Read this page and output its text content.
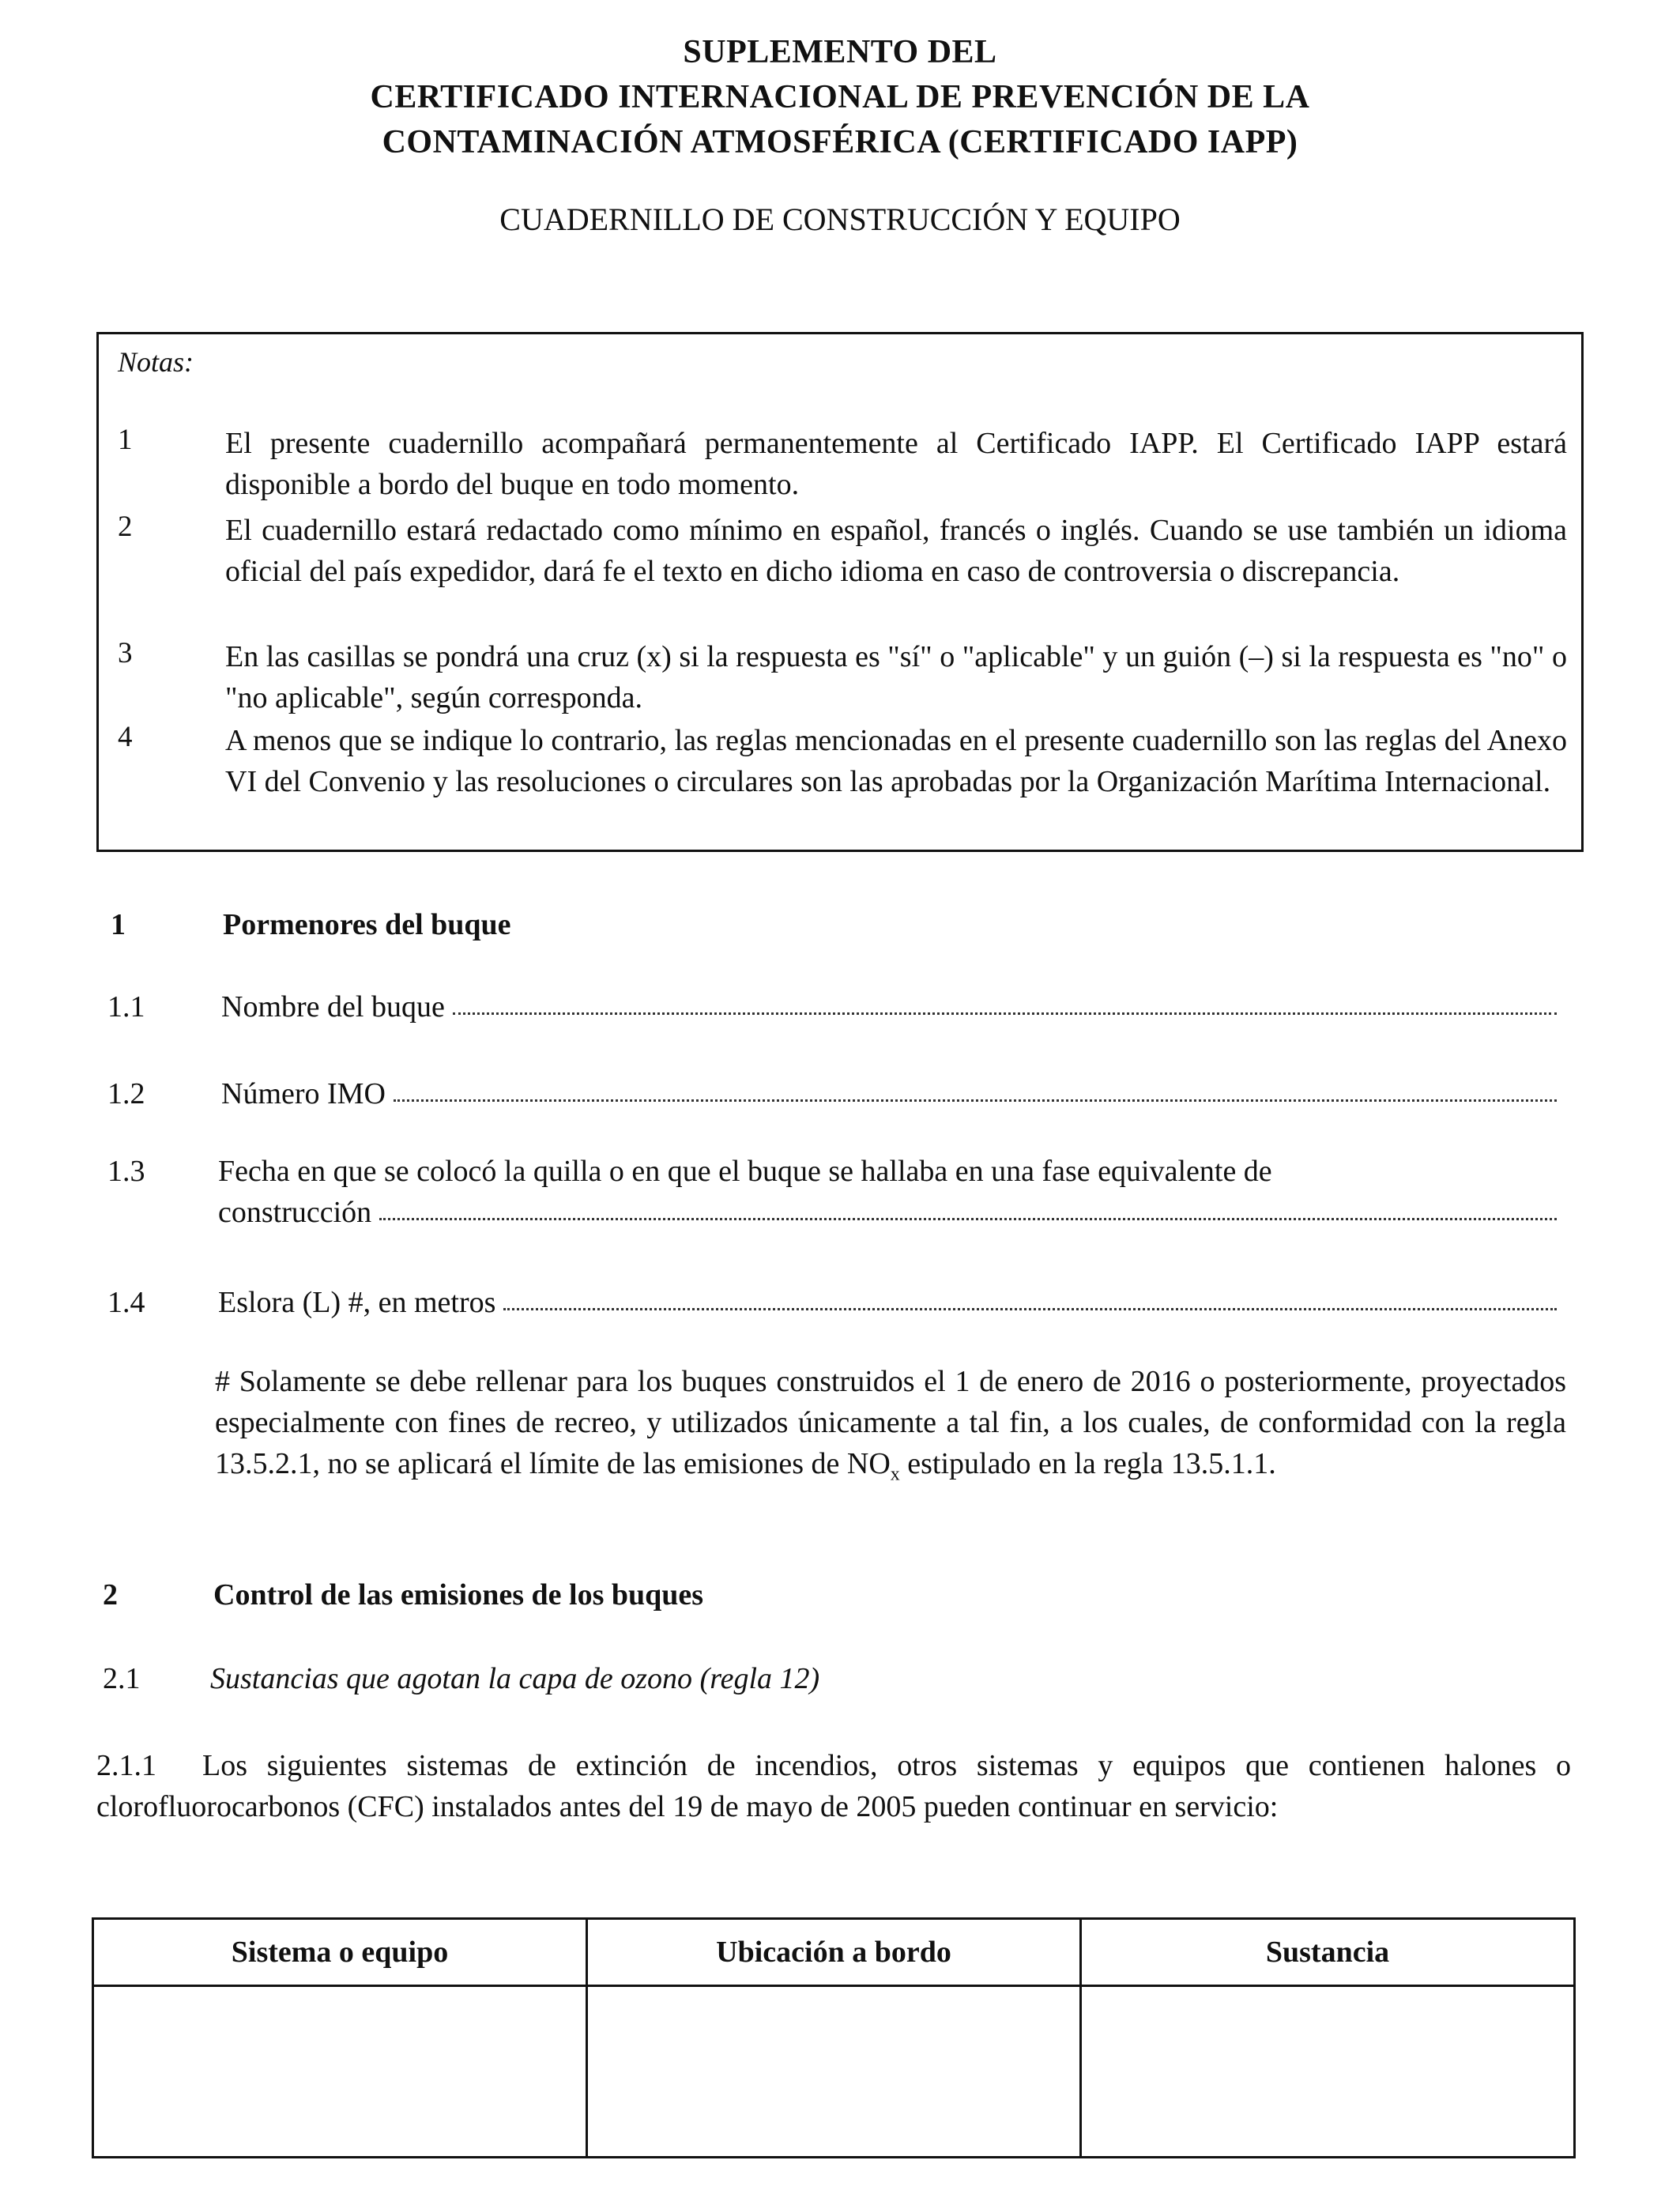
SUPLEMENTO DEL
CERTIFICADO INTERNACIONAL DE PREVENCIÓN DE LA
CONTAMINACIÓN ATMOSFÉRICA (CERTIFICADO IAPP)
CUADERNILLO DE CONSTRUCCIÓN Y EQUIPO
Notas:
1	El presente cuadernillo acompañará permanentemente al Certificado IAPP. El Certificado IAPP estará disponible a bordo del buque en todo momento.
2	El cuadernillo estará redactado como mínimo en español, francés o inglés. Cuando se use también un idioma oficial del país expedidor, dará fe el texto en dicho idioma en caso de controversia o discrepancia.
3	En las casillas se pondrá una cruz (x) si la respuesta es "sí" o "aplicable" y un guión (–) si la respuesta es "no" o "no aplicable", según corresponda.
4	A menos que se indique lo contrario, las reglas mencionadas en el presente cuadernillo son las reglas del Anexo VI del Convenio y las resoluciones o circulares son las aprobadas por la Organización Marítima Internacional.
1	Pormenores del buque
1.1	Nombre del buque
1.2	Número IMO
1.3 Fecha en que se colocó la quilla o en que el buque se hallaba en una fase equivalente de
construcción
1.4 Eslora (L) #, en metros
# Solamente se debe rellenar para los buques construidos el 1 de enero de 2016 o posteriormente, proyectados especialmente con fines de recreo, y utilizados únicamente a tal fin, a los cuales, de conformidad con la regla 13.5.2.1, no se aplicará el límite de las emisiones de $NO_x$ estipulado en la regla 13.5.1.1.
2	Control de las emisiones de los buques
2.1 Sustancias que agotan la capa de ozono (regla 12)
2.1.1 Los siguientes sistemas de extinción de incendios, otros sistemas y equipos que contienen halones o clorofluorocarbonos (CFC) instalados antes del 19 de mayo de 2005 pueden continuar en servicio:
Sistema o equipo	Ubicación a bordo	Sustancia
